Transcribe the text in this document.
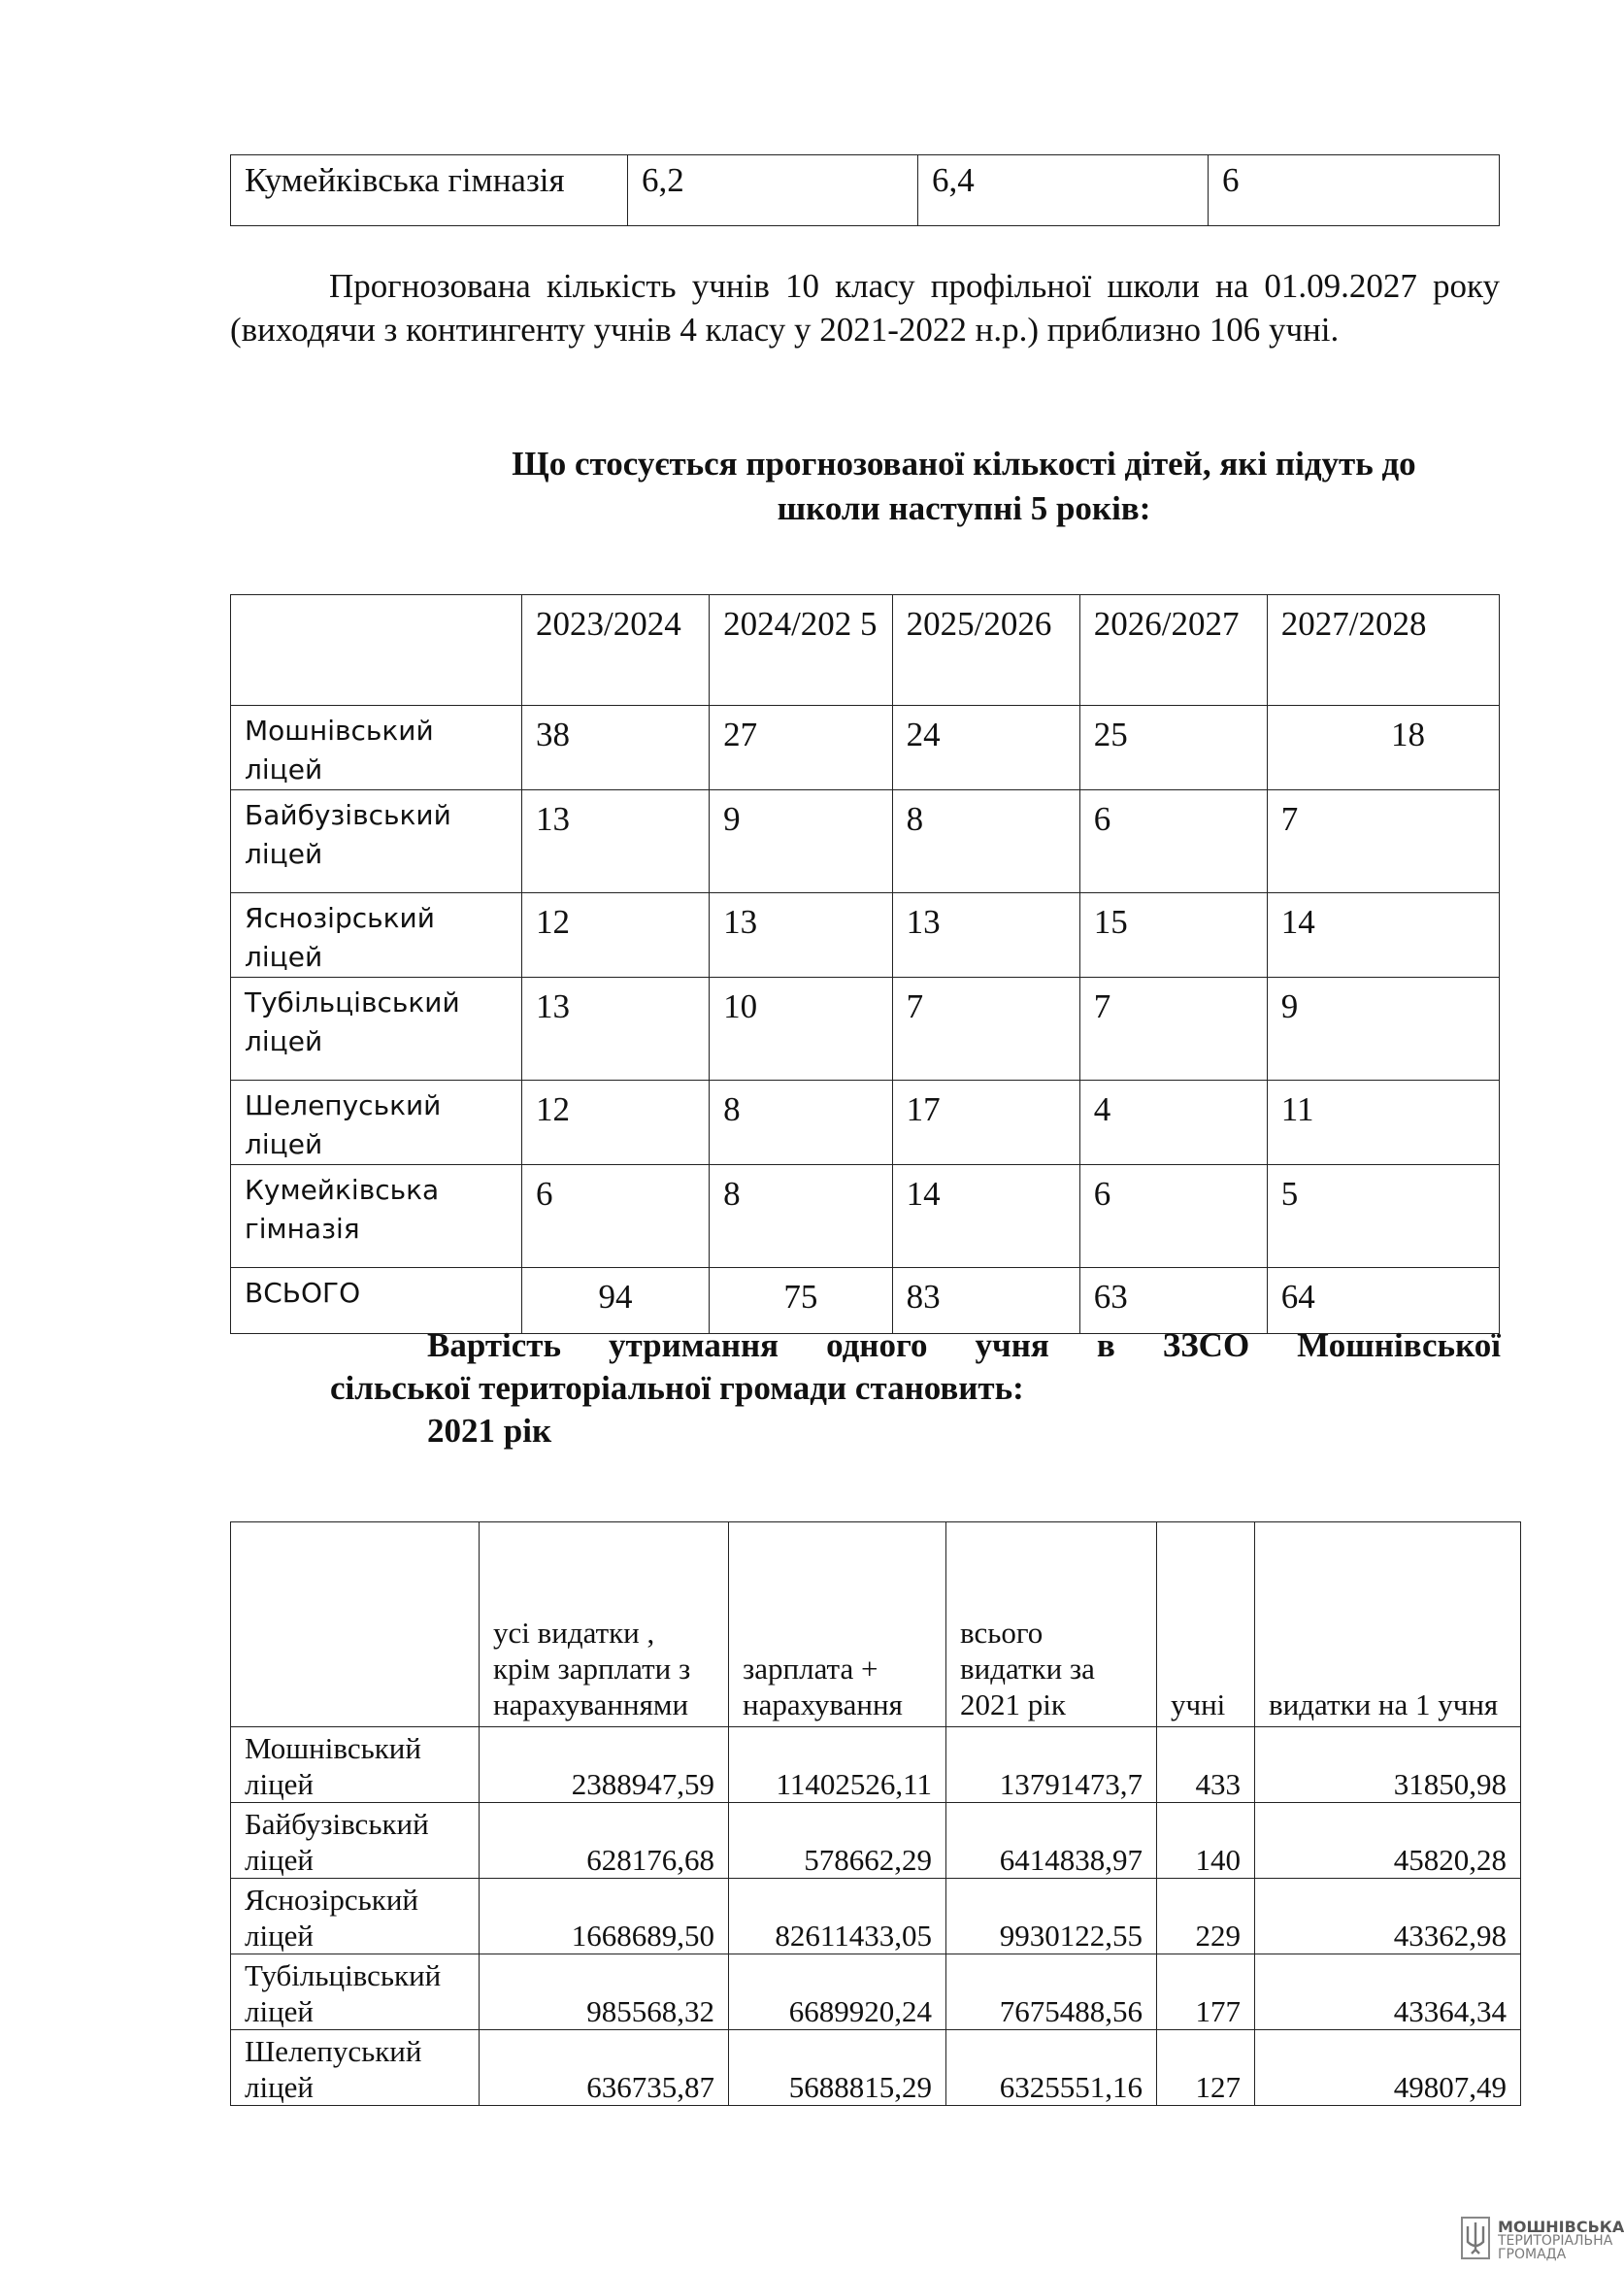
Кумейківська гімназія	6,2	6,4	6
Прогнозована кількість учнів 10 класу профільної школи на 01.09.2027 року (виходячи з контингенту учнів 4 класу у 2021-2022 н.р.) приблизно 106 учні.
Що стосується прогнозованої кількості дітей, які підуть до
школи наступні 5 років:
	2023/2024	2024/202 5	2025/2026	2026/2027	2027/2028
Мошнівський ліцей	38	27	24	25	18
Байбузівський ліцей	13	9	8	6	7
Яснозірський ліцей	12	13	13	15	14
Тубільцівський ліцей	13	10	7	7	9
Шелепуський ліцей	12	8	17	4	11
Кумейківська гімназія	6	8	14	6	5
ВСЬОГО	94	75	83	63	64
Вартість утримання одного учня в ЗЗСО Мошнівської
сільської територіальної громади становить:
2021 рік
	усі видатки , крім зарплати з нарахуваннями	зарплата + нарахування	всього видатки за 2021 рік	учні	видатки на 1 учня
Мошнівський ліцей	2388947,59	11402526,11	13791473,7	433	31850,98
Байбузівський ліцей	628176,68	578662,29	6414838,97	140	45820,28
Яснозірський ліцей	1668689,50	82611433,05	9930122,55	229	43362,98
Тубільцівський ліцей	985568,32	6689920,24	7675488,56	177	43364,34
Шелепуський ліцей	636735,87	5688815,29	6325551,16	127	49807,49
МОШНІВСЬКА
ТЕРИТОРІАЛЬНА
ГРОМАДА
